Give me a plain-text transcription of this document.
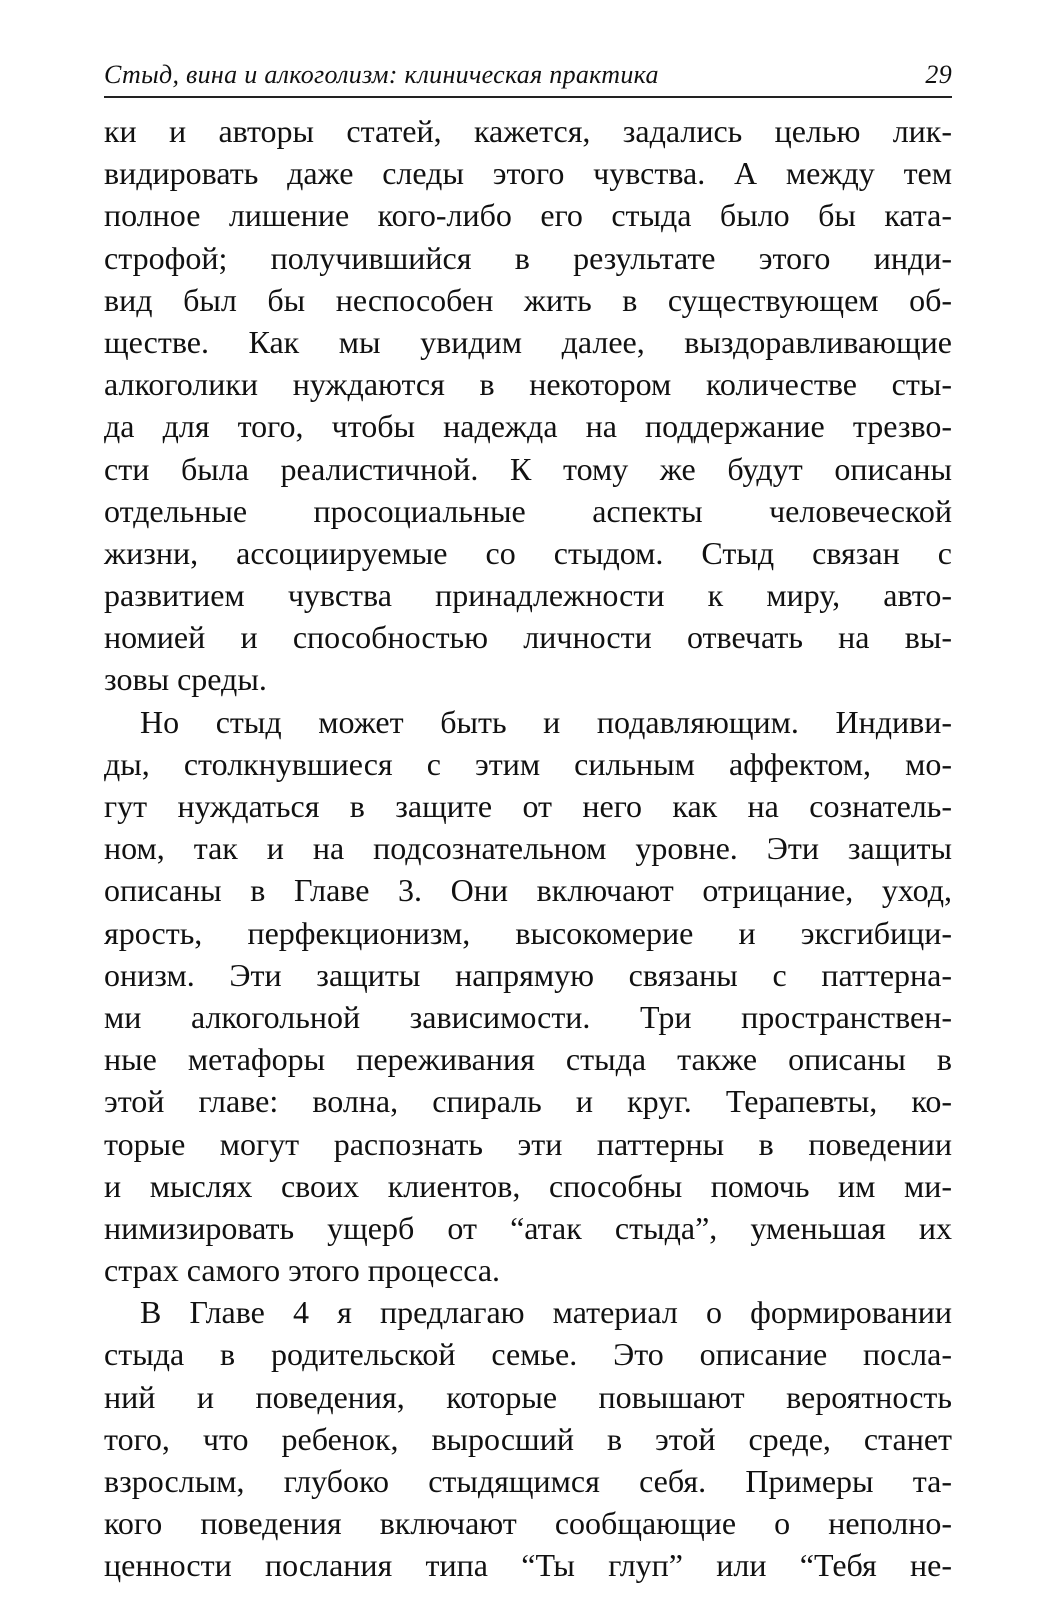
Стыд, вина и алкоголизм: клиническая практика	29
ки и авторы статей, кажется, задались целью лик-
видировать даже следы этого чувства. А между тем
полное лишение кого-либо его стыда было бы ката-
строфой; получившийся в результате этого инди-
вид был бы неспособен жить в существующем об-
ществе. Как мы увидим далее, выздоравливающие
алкоголики нуждаются в некотором количестве сты-
да для того, чтобы надежда на поддержание трезво-
сти была реалистичной. К тому же будут описаны
отдельные просоциальные аспекты человеческой
жизни, ассоциируемые со стыдом. Стыд связан с
развитием чувства принадлежности к миру, авто-
номией и способностью личности отвечать на вы-
зовы среды.
Но стыд может быть и подавляющим. Индиви-
ды, столкнувшиеся с этим сильным аффектом, мо-
гут нуждаться в защите от него как на сознатель-
ном, так и на подсознательном уровне. Эти защиты
описаны в Главе 3. Они включают отрицание, уход,
ярость, перфекционизм, высокомерие и эксгибици-
онизм. Эти защиты напрямую связаны с паттерна-
ми алкогольной зависимости. Три пространствен-
ные метафоры переживания стыда также описаны в
этой главе: волна, спираль и круг. Терапевты, ко-
торые могут распознать эти паттерны в поведении
и мыслях своих клиентов, способны помочь им ми-
нимизировать ущерб от “атак стыда”, уменьшая их
страх самого этого процесса.
В Главе 4 я предлагаю материал о формировании
стыда в родительской семье. Это описание посла-
ний и поведения, которые повышают вероятность
того, что ребенок, выросший в этой среде, станет
взрослым, глубоко стыдящимся себя. Примеры та-
кого поведения включают сообщающие о неполно-
ценности послания типа “Ты глуп” или “Тебя не-
